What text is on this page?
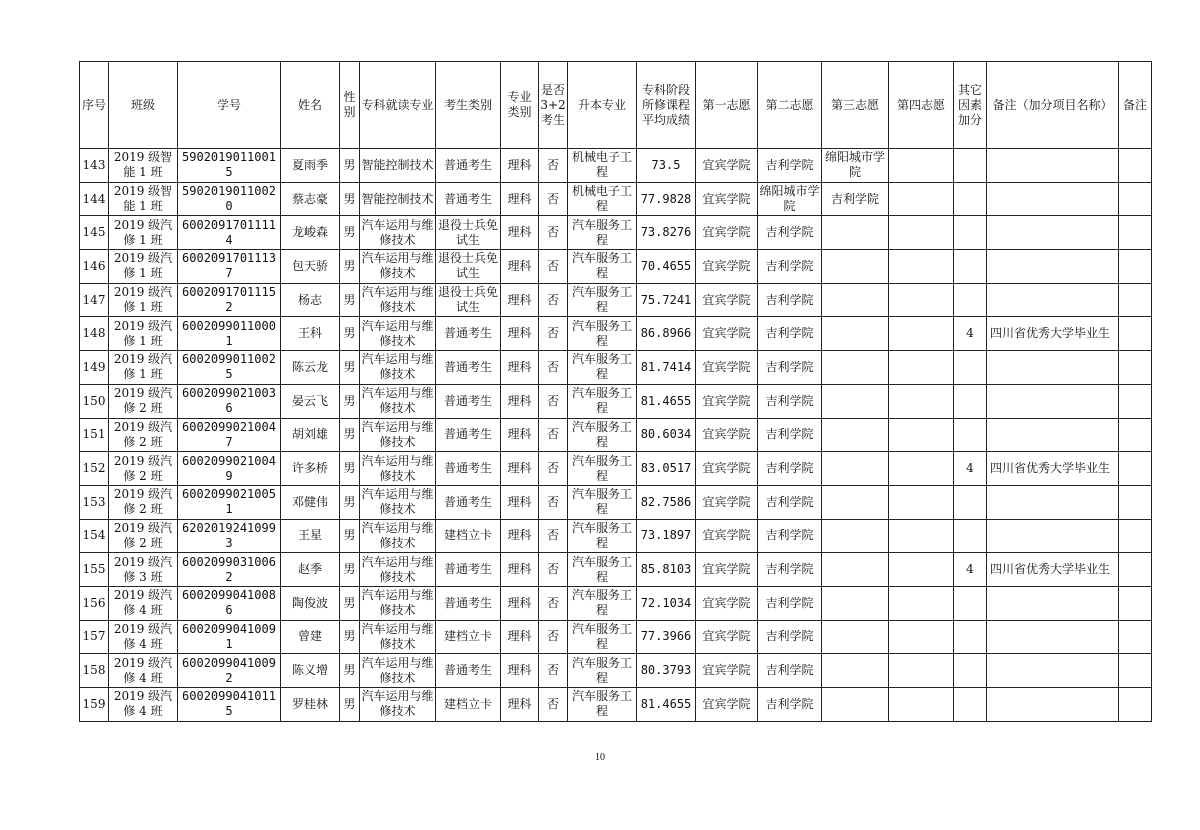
序号	班级	学号	姓名	性别	专科就读专业	考生类别	专业类别	是否3+2考生	升本专业	专科阶段所修课程平均成绩	第一志愿	第二志愿	第三志愿	第四志愿	其它因素加分	备注（加分项目名称）	备注
143	2019 级智能 1 班	59020190110015	夏雨季	男	智能控制技术	普通考生	理科	否	机械电子工程	73.5	宜宾学院	吉利学院	绵阳城市学院				
144	2019 级智能 1 班	59020190110020	蔡志豪	男	智能控制技术	普通考生	理科	否	机械电子工程	77.9828	宜宾学院	绵阳城市学院	吉利学院				
145	2019 级汽修 1 班	60020917011114	龙峻森	男	汽车运用与维修技术	退役士兵免试生	理科	否	汽车服务工程	73.8276	宜宾学院	吉利学院					
146	2019 级汽修 1 班	60020917011137	包天骄	男	汽车运用与维修技术	退役士兵免试生	理科	否	汽车服务工程	70.4655	宜宾学院	吉利学院					
147	2019 级汽修 1 班	60020917011152	杨志	男	汽车运用与维修技术	退役士兵免试生	理科	否	汽车服务工程	75.7241	宜宾学院	吉利学院					
148	2019 级汽修 1 班	60020990110001	王科	男	汽车运用与维修技术	普通考生	理科	否	汽车服务工程	86.8966	宜宾学院	吉利学院			4	四川省优秀大学毕业生	
149	2019 级汽修 1 班	60020990110025	陈云龙	男	汽车运用与维修技术	普通考生	理科	否	汽车服务工程	81.7414	宜宾学院	吉利学院					
150	2019 级汽修 2 班	60020990210036	晏云飞	男	汽车运用与维修技术	普通考生	理科	否	汽车服务工程	81.4655	宜宾学院	吉利学院					
151	2019 级汽修 2 班	60020990210047	胡刘雄	男	汽车运用与维修技术	普通考生	理科	否	汽车服务工程	80.6034	宜宾学院	吉利学院					
152	2019 级汽修 2 班	60020990210049	许多桥	男	汽车运用与维修技术	普通考生	理科	否	汽车服务工程	83.0517	宜宾学院	吉利学院			4	四川省优秀大学毕业生	
153	2019 级汽修 2 班	60020990210051	邓健伟	男	汽车运用与维修技术	普通考生	理科	否	汽车服务工程	82.7586	宜宾学院	吉利学院					
154	2019 级汽修 2 班	62020192410993	王星	男	汽车运用与维修技术	建档立卡	理科	否	汽车服务工程	73.1897	宜宾学院	吉利学院					
155	2019 级汽修 3 班	60020990310062	赵季	男	汽车运用与维修技术	普通考生	理科	否	汽车服务工程	85.8103	宜宾学院	吉利学院			4	四川省优秀大学毕业生	
156	2019 级汽修 4 班	60020990410086	陶俊波	男	汽车运用与维修技术	普通考生	理科	否	汽车服务工程	72.1034	宜宾学院	吉利学院					
157	2019 级汽修 4 班	60020990410091	曾建	男	汽车运用与维修技术	建档立卡	理科	否	汽车服务工程	77.3966	宜宾学院	吉利学院					
158	2019 级汽修 4 班	60020990410092	陈义增	男	汽车运用与维修技术	普通考生	理科	否	汽车服务工程	80.3793	宜宾学院	吉利学院					
159	2019 级汽修 4 班	60020990410115	罗桂林	男	汽车运用与维修技术	建档立卡	理科	否	汽车服务工程	81.4655	宜宾学院	吉利学院					
10
